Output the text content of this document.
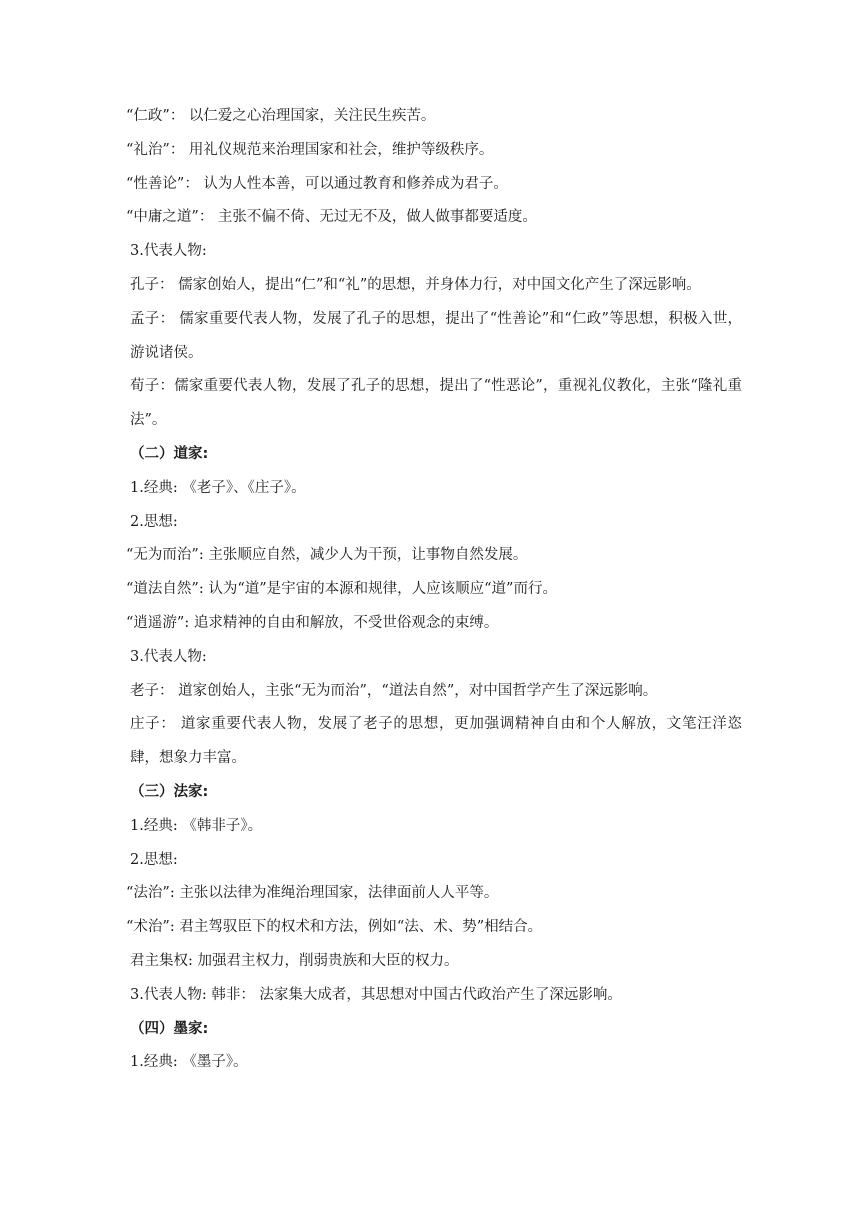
“仁政”： 以仁爱之心治理国家，关注民生疾苦。

“礼治”： 用礼仪规范来治理国家和社会，维护等级秩序。

“性善论”： 认为人性本善，可以通过教育和修养成为君子。

“中庸之道”： 主张不偏不倚、无过无不及，做人做事都要适度。

3.代表人物:

孔子： 儒家创始人，提出“仁”和“礼”的思想，并身体力行，对中国文化产生了深远影响。

孟子： 儒家重要代表人物，发展了孔子的思想，提出了“性善论”和“仁政”等思想，积极入世，游说诸侯。

荀子：儒家重要代表人物，发展了孔子的思想，提出了“性恶论”，重视礼仪教化，主张“隆礼重法”。

（二）道家:

1.经典: 《老子》、《庄子》。

2.思想:

“无为而治”: 主张顺应自然，减少人为干预，让事物自然发展。

“道法自然”: 认为“道”是宇宙的本源和规律，人应该顺应“道”而行。

“逍遥游”: 追求精神的自由和解放，不受世俗观念的束缚。

3.代表人物:

老子： 道家创始人，主张“无为而治”，“道法自然”，对中国哲学产生了深远影响。

庄子： 道家重要代表人物，发展了老子的思想，更加强调精神自由和个人解放，文笔汪洋恣肆，想象力丰富。

（三）法家:

1.经典: 《韩非子》。

2.思想:

“法治”: 主张以法律为准绳治理国家，法律面前人人平等。

“术治”: 君主驾驭臣下的权术和方法，例如“法、术、势”相结合。

君主集权: 加强君主权力，削弱贵族和大臣的权力。

3.代表人物: 韩非： 法家集大成者，其思想对中国古代政治产生了深远影响。

（四）墨家:

1.经典: 《墨子》。
